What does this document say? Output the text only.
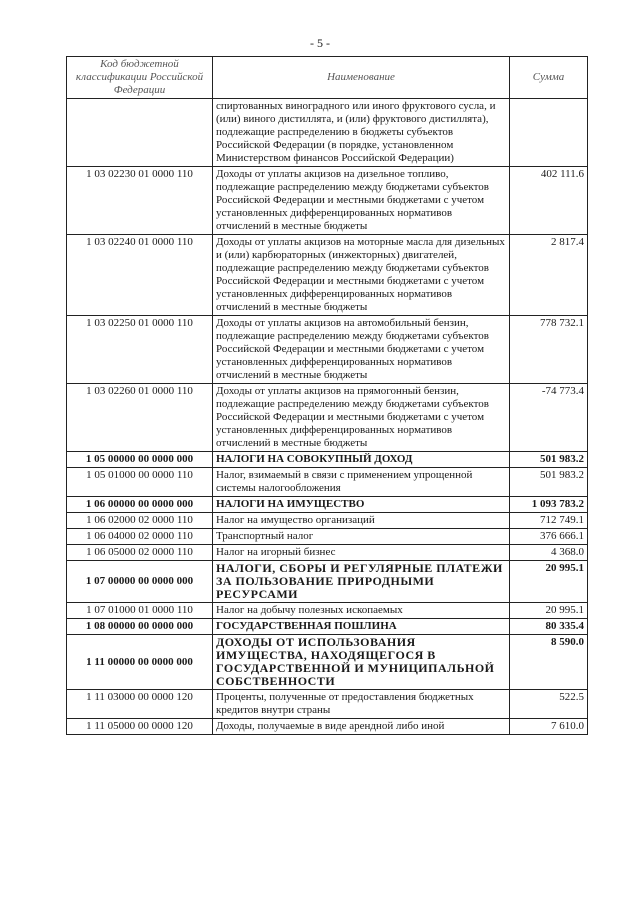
- 5 -
Код бюджетной классификации Российской Федерации	Наименование	Сумма
	спиртованных виноградного или иного фруктового сусла, и (или) виного дистиллята, и (или) фруктового дистиллята), подлежащие распределению в бюджеты субъектов Российской Федерации (в порядке, установленном Министерством финансов Российской Федерации)	
1 03 02230 01 0000 110	Доходы от уплаты акцизов на дизельное топливо, подлежащие распределению между бюджетами субъектов Российской Федерации и местными бюджетами с учетом установленных дифференцированных нормативов отчислений в местные бюджеты	402 111.6
1 03 02240 01 0000 110	Доходы от уплаты акцизов на моторные масла для дизельных и (или) карбюраторных (инжекторных) двигателей, подлежащие распределению между бюджетами субъектов Российской Федерации и местными бюджетами с учетом установленных дифференцированных нормативов отчислений в местные бюджеты	2 817.4
1 03 02250 01 0000 110	Доходы от уплаты акцизов на автомобильный бензин, подлежащие распределению между бюджетами субъектов Российской Федерации и местными бюджетами с учетом установленных дифференцированных нормативов отчислений в местные бюджеты	778 732.1
1 03 02260 01 0000 110	Доходы от уплаты акцизов на прямогонный бензин, подлежащие распределению между бюджетами субъектов Российской Федерации и местными бюджетами с учетом установленных дифференцированных нормативов отчислений в местные бюджеты	-74 773.4
1 05 00000 00 0000 000	НАЛОГИ НА СОВОКУПНЫЙ ДОХОД	501 983.2
1 05 01000 00 0000 110	Налог, взимаемый в связи с применением упрощенной системы налогообложения	501 983.2
1 06 00000 00 0000 000	НАЛОГИ НА ИМУЩЕСТВО	1 093 783.2
1 06 02000 02 0000 110	Налог на имущество организаций	712 749.1
1 06 04000 02 0000 110	Транспортный налог	376 666.1
1 06 05000 02 0000 110	Налог на игорный бизнес	4 368.0
1 07 00000 00 0000 000	НАЛОГИ, СБОРЫ И РЕГУЛЯРНЫЕ ПЛАТЕЖИ ЗА ПОЛЬЗОВАНИЕ ПРИРОДНЫМИ РЕСУРСАМИ	20 995.1
1 07 01000 01 0000 110	Налог на добычу полезных ископаемых	20 995.1
1 08 00000 00 0000 000	ГОСУДАРСТВЕННАЯ ПОШЛИНА	80 335.4
1 11 00000 00 0000 000	ДОХОДЫ ОТ ИСПОЛЬЗОВАНИЯ ИМУЩЕСТВА, НАХОДЯЩЕГОСЯ В ГОСУДАРСТВЕННОЙ И МУНИЦИПАЛЬНОЙ СОБСТВЕННОСТИ	8 590.0
1 11 03000 00 0000 120	Проценты, полученные от предоставления бюджетных кредитов внутри страны	522.5
1 11 05000 00 0000 120	Доходы, получаемые в виде арендной либо иной	7 610.0
